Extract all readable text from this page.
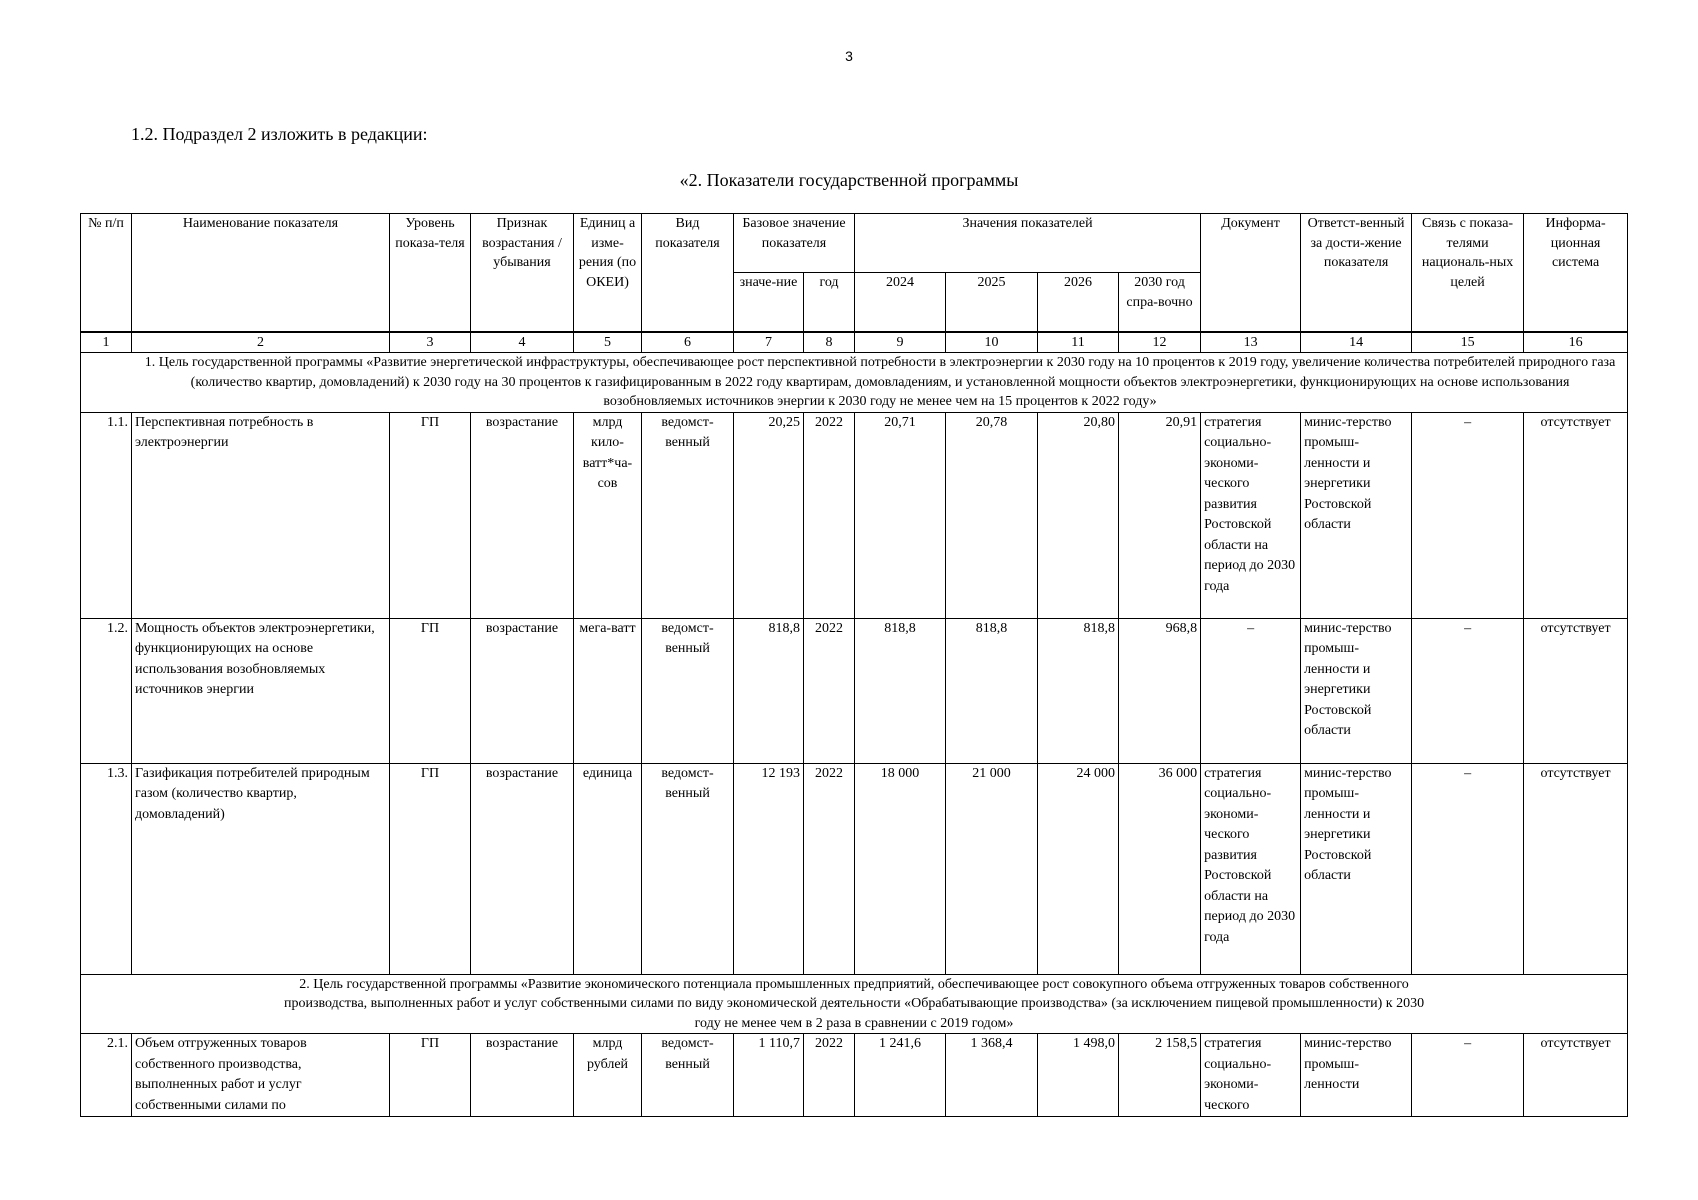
3
1.2. Подраздел 2 изложить в редакции:
«2. Показатели государственной программы
№ п/п	Наименование показателя	Уровень показа-теля	Признак возрастания / убывания	Единиц а изме-рения (по ОКЕИ)	Вид показателя	Базовое значение показателя		Значения показателей				Документ	Ответст-венный за дости-жение показателя	Связь с показа-телями националь-ных целей	Информа-ционная система
						значе-ние	год	2024	2025	2026	2030 год спра-вочно				
1	2	3	4	5	6	7	8	9	10	11	12	13	14	15	16
1. Цель государственной программы «Развитие энергетической инфраструктуры, обеспечивающее рост перспективной потребности в электроэнергии к 2030 году на 10 процентов к 2019 году, увеличение количества потребителей природного газа (количество квартир, домовладений) к 2030 году на 30 процентов к газифицированным в 2022 году квартирам, домовладениям, и установленной мощности объектов электроэнергетики, функционирующих на основе использования возобновляемых источников энергии к 2030 году не менее чем на 15 процентов к 2022 году»															
1.1.	Перспективная потребность в электроэнергии	ГП	возрастание	млрд кило-ватт*ча-сов	ведомст-венный	20,25	2022	20,71	20,78	20,80	20,91	стратегия социально-экономи-ческого развития Ростовской области на период до 2030 года	минис-терство промыш-ленности и энергетики Ростовской области	–	отсутствует
1.2.	Мощность объектов электроэнергетики, функционирующих на основе использования возобновляемых источников энергии	ГП	возрастание	мега-ватт	ведомст-венный	818,8	2022	818,8	818,8	818,8	968,8	–	минис-терство промыш-ленности и энергетики Ростовской области	–	отсутствует
1.3.	Газификация потребителей природным газом (количество квартир, домовладений)	ГП	возрастание	единица	ведомст-венный	12 193	2022	18 000	21 000	24 000	36 000	стратегия социально-экономи-ческого развития Ростовской области на период до 2030 года	минис-терство промыш-ленности и энергетики Ростовской области	–	отсутствует
2. Цель государственной программы «Развитие экономического потенциала промышленных предприятий, обеспечивающее рост совокупного объема отгруженных товаров собственного производства, выполненных работ и услуг собственными силами по виду экономической деятельности «Обрабатывающие производства» (за исключением пищевой промышленности) к 2030 году не менее чем в 2 раза в сравнении с 2019 годом»															
2.1.	Объем отгруженных товаров собственного производства, выполненных работ и услуг собственными силами по	ГП	возрастание	млрд рублей	ведомст-венный	1 110,7	2022	1 241,6	1 368,4	1 498,0	2 158,5	стратегия социально-экономи-ческого	минис-терство промыш-ленности	–	отсутствует
